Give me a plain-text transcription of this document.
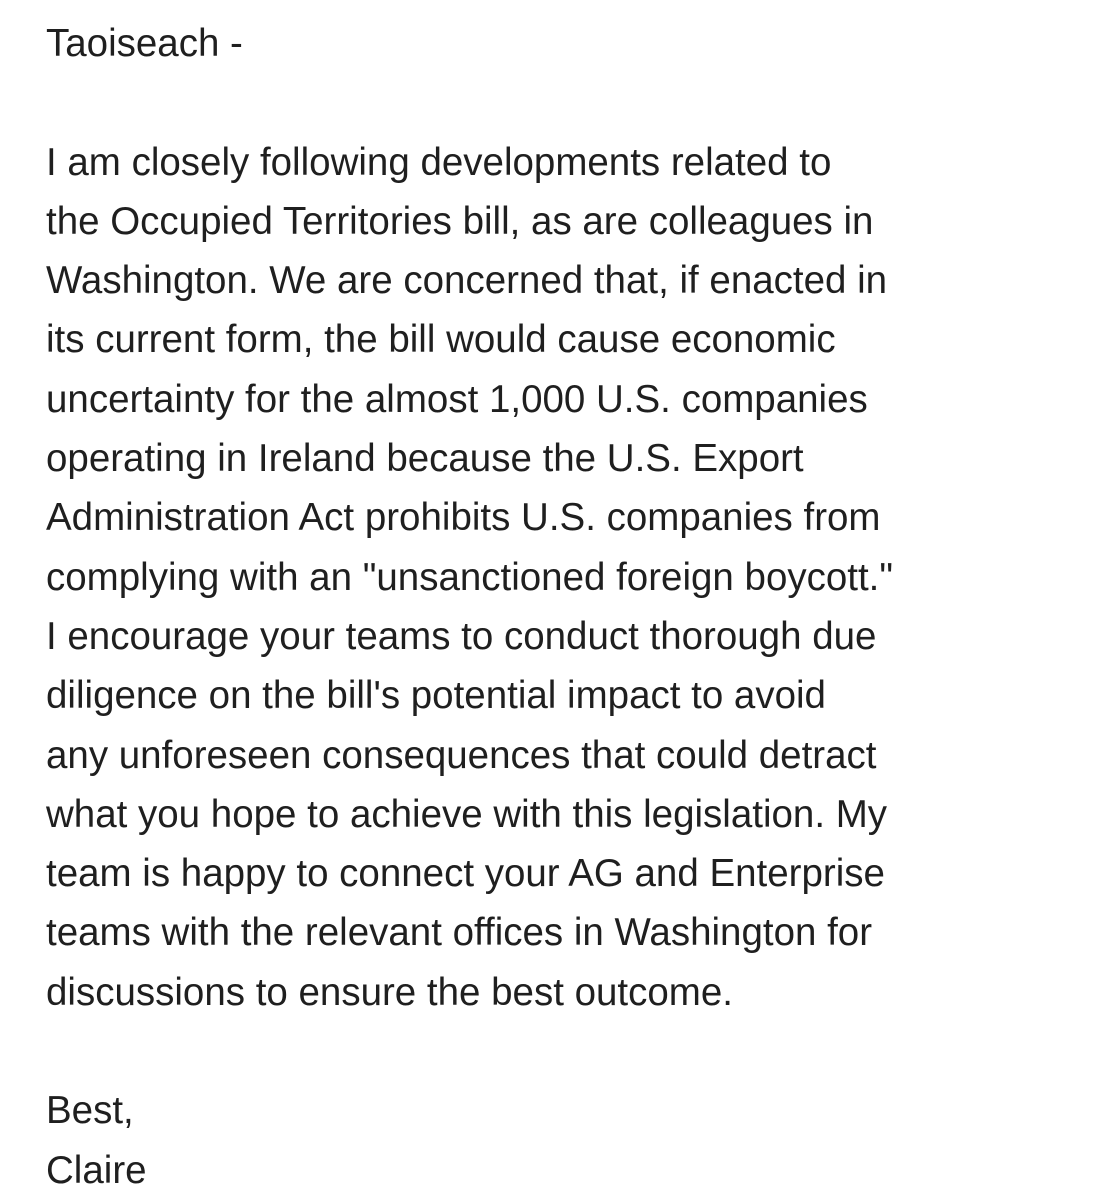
Taoiseach -
I am closely following developments related to
the Occupied Territories bill, as are colleagues in
Washington. We are concerned that, if enacted in
its current form, the bill would cause economic
uncertainty for the almost 1,000 U.S. companies
operating in Ireland because the U.S. Export
Administration Act prohibits U.S. companies from
complying with an "unsanctioned foreign boycott."
I encourage your teams to conduct thorough due
diligence on the bill's potential impact to avoid
any unforeseen consequences that could detract
what you hope to achieve with this legislation. My
team is happy to connect your AG and Enterprise
teams with the relevant offices in Washington for
discussions to ensure the best outcome.
Best,
Claire
